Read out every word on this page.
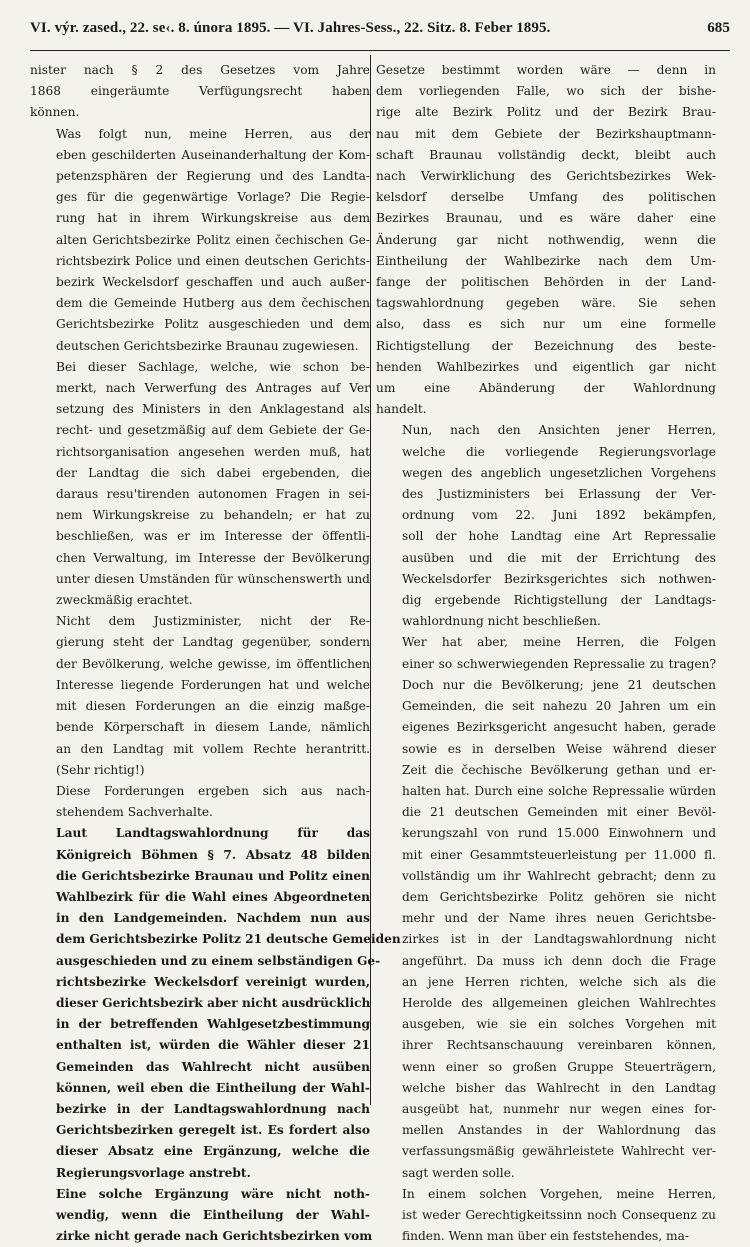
VI. výr. zased., 22. se‹. 8. února 1895. — VI. Jahres-Sess., 22. Sitz. 8. Feber 1895.	685
nister nach § 2 des Gesetzes vom Jahre
1868 eingeräumte Verfügungsrecht haben
können.
Was folgt nun, meine Herren, aus der
eben geschilderten Auseinanderhaltung der Kom-
petenzsphären der Regierung und des Landta-
ges für die gegenwärtige Vorlage? Die Regie-
rung hat in ihrem Wirkungskreise aus dem
alten Gerichtsbezirke Politz einen čechischen Ge-
richtsbezirk Police und einen deutschen Gerichts-
bezirk Weckelsdorf geschaffen und auch außer-
dem die Gemeinde Hutberg aus dem čechischen
Gerichtsbezirke Politz ausgeschieden und dem
deutschen Gerichtsbezirke Braunau zugewiesen.
Bei dieser Sachlage, welche, wie schon be-
merkt, nach Verwerfung des Antrages auf Ver
setzung des Ministers in den Anklagestand als
recht- und gesetzmäßig auf dem Gebiete der Ge-
richtsorganisation angesehen werden muß, hat
der Landtag die sich dabei ergebenden, die
daraus resu'tirenden autonomen Fragen in sei-
nem Wirkungskreise zu behandeln; er hat zu
beschließen, was er im Interesse der öffentli-
chen Verwaltung, im Interesse der Bevölkerung
unter diesen Umständen für wünschenswerth und
zweckmäßig erachtet.
Nicht dem Justizminister, nicht der Re-
gierung steht der Landtag gegenüber, sondern
der Bevölkerung, welche gewisse, im öffentlichen
Interesse liegende Forderungen hat und welche
mit diesen Forderungen an die einzig maßge-
bende Körperschaft in diesem Lande, nämlich
an den Landtag mit vollem Rechte herantritt.
(Sehr richtig!)
Diese Forderungen ergeben sich aus nach-
stehendem Sachverhalte.
Laut Landtagswahlordnung für das
Königreich Böhmen § 7. Absatz 48 bilden
die Gerichtsbezirke Braunau und Politz einen
Wahlbezirk für die Wahl eines Abgeordneten
in den Landgemeinden. Nachdem nun aus
dem Gerichtsbezirke Politz 21 deutsche Gemeiden
ausgeschieden und zu einem selbständigen Ge-
richtsbezirke Weckelsdorf vereinigt wurden,
dieser Gerichtsbezirk aber nicht ausdrücklich
in der betreffenden Wahlgesetzbestimmung
enthalten ist, würden die Wähler dieser 21
Gemeinden das Wahlrecht nicht ausüben
können, weil eben die Eintheilung der Wahl-
bezirke in der Landtagswahlordnung nach
Gerichtsbezirken geregelt ist. Es fordert also
dieser Absatz eine Ergänzung, welche die
Regierungsvorlage anstrebt.
Eine solche Ergänzung wäre nicht noth-
wendig, wenn die Eintheilung der Wahl-
zirke nicht gerade nach Gerichtsbezirken vom
Gesetze bestimmt worden wäre — denn in
dem vorliegenden Falle, wo sich der bishe-
rige alte Bezirk Politz und der Bezirk Brau-
nau mit dem Gebiete der Bezirkshauptmann-
schaft Braunau vollständig deckt, bleibt auch
nach Verwirklichung des Gerichtsbezirkes Wek-
kelsdorf derselbe Umfang des politischen
Bezirkes Braunau, und es wäre daher eine
Änderung gar nicht nothwendig, wenn die
Eintheilung der Wahlbezirke nach dem Um-
fange der politischen Behörden in der Land-
tagswahlordnung gegeben wäre. Sie sehen
also, dass es sich nur um eine formelle
Richtigstellung der Bezeichnung des beste-
henden Wahlbezirkes und eigentlich gar nicht
um eine Abänderung der Wahlordnung
handelt.
Nun, nach den Ansichten jener Herren,
welche die vorliegende Regierungsvorlage
wegen des angeblich ungesetzlichen Vorgehens
des Justizministers bei Erlassung der Ver-
ordnung vom 22. Juni 1892 bekämpfen,
soll der hohe Landtag eine Art Repressalie
ausüben und die mit der Errichtung des
Weckelsdorfer Bezirksgerichtes sich nothwen-
dig ergebende Richtigstellung der Landtags-
wahlordnung nicht beschließen.
Wer hat aber, meine Herren, die Folgen
einer so schwerwiegenden Repressalie zu tragen?
Doch nur die Bevölkerung; jene 21 deutschen
Gemeinden, die seit nahezu 20 Jahren um ein
eigenes Bezirksgericht angesucht haben, gerade
sowie es in derselben Weise während dieser
Zeit die čechische Bevölkerung gethan und er-
halten hat. Durch eine solche Repressalie würden
die 21 deutschen Gemeinden mit einer Bevöl-
kerungszahl von rund 15.000 Einwohnern und
mit einer Gesammtsteuerleistung per 11.000 fl.
vollständig um ihr Wahlrecht gebracht; denn zu
dem Gerichtsbezirke Politz gehören sie nicht
mehr und der Name ihres neuen Gerichtsbe-
zirkes ist in der Landtagswahlordnung nicht
angeführt. Da muss ich denn doch die Frage
an jene Herren richten, welche sich als die
Herolde des allgemeinen gleichen Wahlrechtes
ausgeben, wie sie ein solches Vorgehen mit
ihrer Rechtsanschauung vereinbaren können,
wenn einer so großen Gruppe Steuerträgern,
welche bisher das Wahlrecht in den Landtag
ausgeübt hat, nunmehr nur wegen eines for-
mellen Anstandes in der Wahlordnung das
verfassungsmäßig gewährleistete Wahlrecht ver-
sagt werden solle.
In einem solchen Vorgehen, meine Herren,
ist weder Gerechtigkeitssinn noch Consequenz zu
finden. Wenn man über ein feststehendes, ma-
